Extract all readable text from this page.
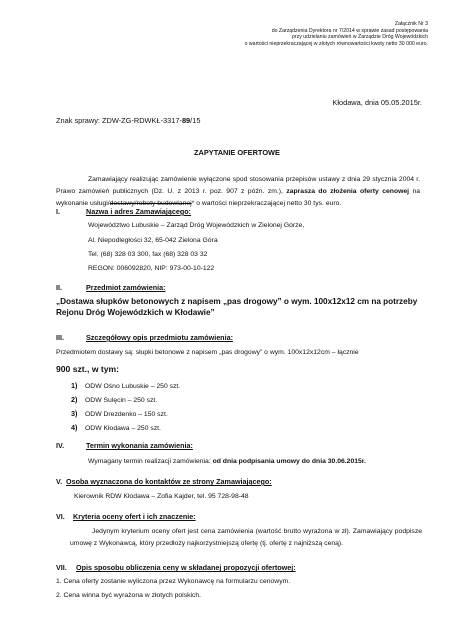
Załącznik Nr 3
do Zarządzenia Dyrektora nr 7/2014 w sprawie zasad postępowania
przy udzielaniu zamówień w Zarządzie Dróg Wojewódzkich
o wartości nieprzekraczającej w złotych równowartości kwoty netto 30 000 euro.
Kłodawa, dnia 05.05.2015r.
Znak sprawy: ZDW-ZG-RDWKŁ-3317-89/15
ZAPYTANIE OFERTOWE
Zamawiający realizując zamówienie wyłączone spod stosowania przepisów ustawy z dnia 29 stycznia 2004 r. Prawo zamówień publicznych (Dz. U. z 2013 r. poz. 907 z późn. zm.), zaprasza do złożenia oferty cenowej na wykonanie usługi/dostawy/roboty budowlanej* o wartości nieprzekraczającej netto 30 tys. euro.
I.	Nazwa i adres Zamawiającego:
Województwo Lubuskie – Zarząd Dróg Wojewódzkich w Zielonej Górze,
Al. Niepodległości 32, 65-042 Zielona Góra
Tel. (68) 328 03 300, fax (68) 328 03 32
REGON: 006092820, NIP: 973-00-10-122
II.	Przedmiot zamówienia:
„Dostawa słupków betonowych z napisem „pas drogowy” o wym. 100x12x12 cm na potrzeby Rejonu Dróg Wojewódzkich w Kłodawie”
III.	Szczegółowy opis przedmiotu zamówienia:
Przedmiotem dostawy są: słupki betonowe z napisem „pas drogowy” o wym. 100x12x12cm – łącznie
900 szt., w tym:
1) ODW Ośno Lubuskie – 250 szt.
2) ODW Sulęcin – 250 szt.
3) ODW Drezdenko – 150 szt.
4) ODW Kłodawa – 250 szt.
IV.	Termin wykonania zamówienia:
Wymagany termin realizacji zamówienia: od dnia podpisania umowy do dnia 30.06.2015r.
V. Osoba wyznaczona do kontaktów ze strony Zamawiającego:
Kierownik RDW Kłodawa – Zofia Kajder, tel. 95 728-98-48
VI. Kryteria oceny ofert i ich znaczenie:
Jedynym kryterium oceny ofert jest cena zamówienia (wartość brutto wyrażona w zł). Zamawiający podpisze umowę z Wykonawcą, który przedłoży najkorzystniejszą ofertę (tj. ofertę z najniższą ceną).
VII. Opis sposobu obliczenia ceny w składanej propozycji ofertowej:
1. Cena oferty zostanie wyliczona przez Wykonawcę na formularzu cenowym.
2. Cena winna być wyrażona w złotych polskich.
